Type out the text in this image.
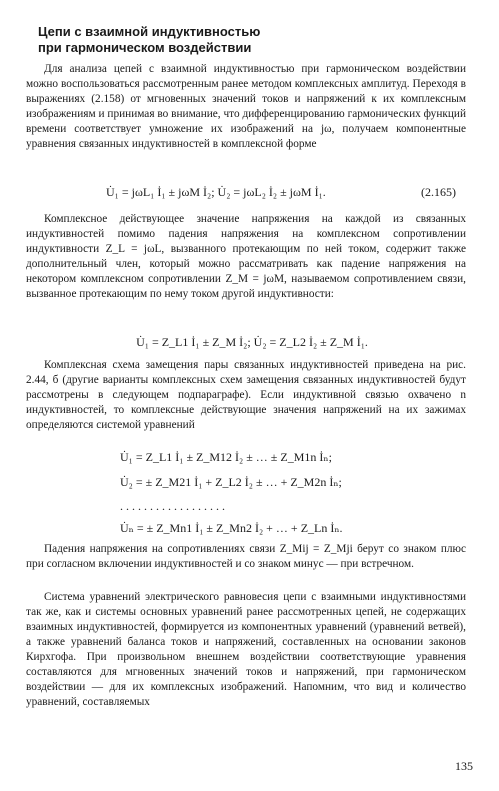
Цепи с взаимной индуктивностью
при гармоническом воздействии

Для анализа цепей с взаимной индуктивностью при гармоническом воздействии можно воспользоваться рассмотренным ранее методом комплексных амплитуд. Переходя в выражениях (2.158) от мгновенных значений токов и напряжений к их комплексным изображениям и принимая во внимание, что дифференцированию гармонических функций времени соответствует умножение их изображений на jω, получаем компонентные уравнения связанных индуктивностей в комплексной форме

U̇₁ = jωL₁ İ₁ ± jωM İ₂; U̇₂ = jωL₂ İ₂ ± jωM İ₁.	(2.165)

Комплексное действующее значение напряжения на каждой из связанных индуктивностей помимо падения напряжения на комплексном сопротивлении индуктивности Z_L = jωL, вызванного протекающим по ней током, содержит также дополнительный член, который можно рассматривать как падение напряжения на некотором комплексном сопротивлении Z_M = jωM, называемом сопротивлением связи, вызванное протекающим по нему током другой индуктивности:

U̇₁ = Z_L1 İ₁ ± Z_M İ₂; U̇₂ = Z_L2 İ₂ ± Z_M İ₁.

Комплексная схема замещения пары связанных индуктивностей приведена на рис. 2.44, б (другие варианты комплексных схем замещения связанных индуктивностей будут рассмотрены в следующем подпараграфе). Если индуктивной связью охвачено n индуктивностей, то комплексные действующие значения напряжений на их зажимах определяются системой уравнений

U̇₁ = Z_L1 İ₁ ± Z_M12 İ₂ ± … ± Z_M1n İₙ;
U̇₂ = ± Z_M21 İ₁ + Z_L2 İ₂ ± … + Z_M2n İₙ;
. . . . . . . . . . . . . . . . . .
U̇ₙ = ± Z_Mn1 İ₁ ± Z_Mn2 İ₂ + … + Z_Ln İₙ.

Падения напряжения на сопротивлениях связи Z_Mij = Z_Mji берут со знаком плюс при согласном включении индуктивностей и со знаком минус — при встречном.

Система уравнений электрического равновесия цепи с взаимными индуктивностями так же, как и системы основных уравнений ранее рассмотренных цепей, не содержащих взаимных индуктивностей, формируется из компонентных уравнений (уравнений ветвей), а также уравнений баланса токов и напряжений, составленных на основании законов Кирхгофа. При произвольном внешнем воздействии соответствующие уравнения составляются для мгновенных значений токов и напряжений, при гармоническом воздействии — для их комплексных изображений. Напомним, что вид и количество уравнений, составляемых

135
